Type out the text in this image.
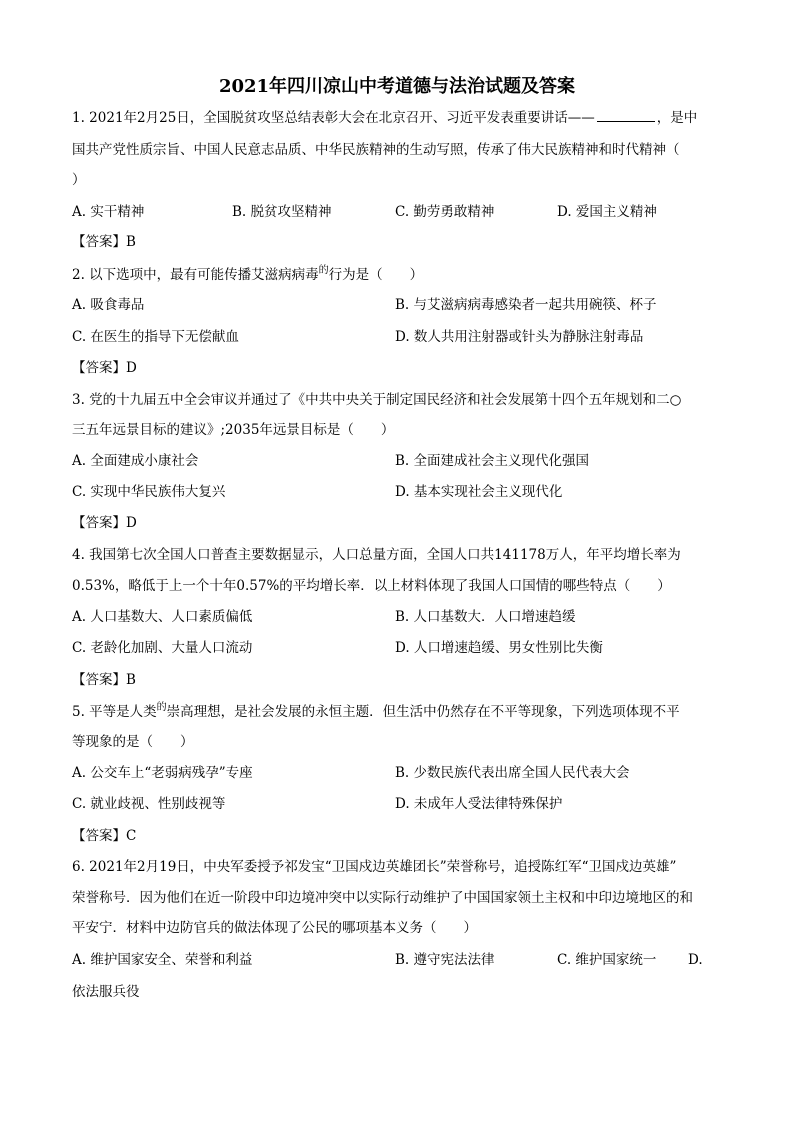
2021年四川凉山中考道德与法治试题及答案
1. 2021年2月25日，全国脱贫攻坚总结表彰大会在北京召开、习近平发表重要讲话——	，是中
国共产党性质宗旨、中国人民意志品质、中华民族精神的生动写照，传承了伟大民族精神和时代精神（
）
A. 实干精神	B. 脱贫攻坚精神	C. 勤劳勇敢精神	D. 爱国主义精神
【答案】B
2. 以下选项中，最有可能传播艾滋病病毒$^的$行为是（　　）
A. 吸食毒品	B. 与艾滋病病毒感染者一起共用碗筷、杯子
C. 在医生的指导下无偿献血	D. 数人共用注射器或针头为静脉注射毒品
【答案】D
3. 党的十九届五中全会审议并通过了《中共中央关于制定国民经济和社会发展第十四个五年规划和二○
三五年远景目标的建议》;2035年远景目标是（　　）
A. 全面建成小康社会	B. 全面建成社会主义现代化强国
C. 实现中华民族伟大复兴	D. 基本实现社会主义现代化
【答案】D
4. 我国第七次全国人口普查主要数据显示，人口总量方面，全国人口共141178万人，年平均增长率为
0.53%，略低于上一个十年0.57%的平均增长率．以上材料体现了我国人口国情的哪些特点（　　）
A. 人口基数大、人口素质偏低	B. 人口基数大．人口增速趋缓
C. 老龄化加剧、大量人口流动	D. 人口增速趋缓、男女性别比失衡
【答案】B
5. 平等是人类$^的$崇高理想，是社会发展的永恒主题．但生活中仍然存在不平等现象，下列选项体现不平
等现象的是（　　）
A. 公交车上“老弱病残孕”专座	B. 少数民族代表出席全国人民代表大会
C. 就业歧视、性别歧视等	D. 未成年人受法律特殊保护
【答案】C
6. 2021年2月19日，中央军委授予祁发宝“卫国戍边英雄团长”荣誉称号，追授陈红军“卫国戍边英雄”
荣誉称号．因为他们在近一阶段中印边境冲突中以实际行动维护了中国国家领土主权和中印边境地区的和
平安宁．材料中边防官兵的做法体现了公民的哪项基本义务（　　）
A. 维护国家安全、荣誉和利益	B. 遵守宪法法律	C. 维护国家统一 D.
依法服兵役
